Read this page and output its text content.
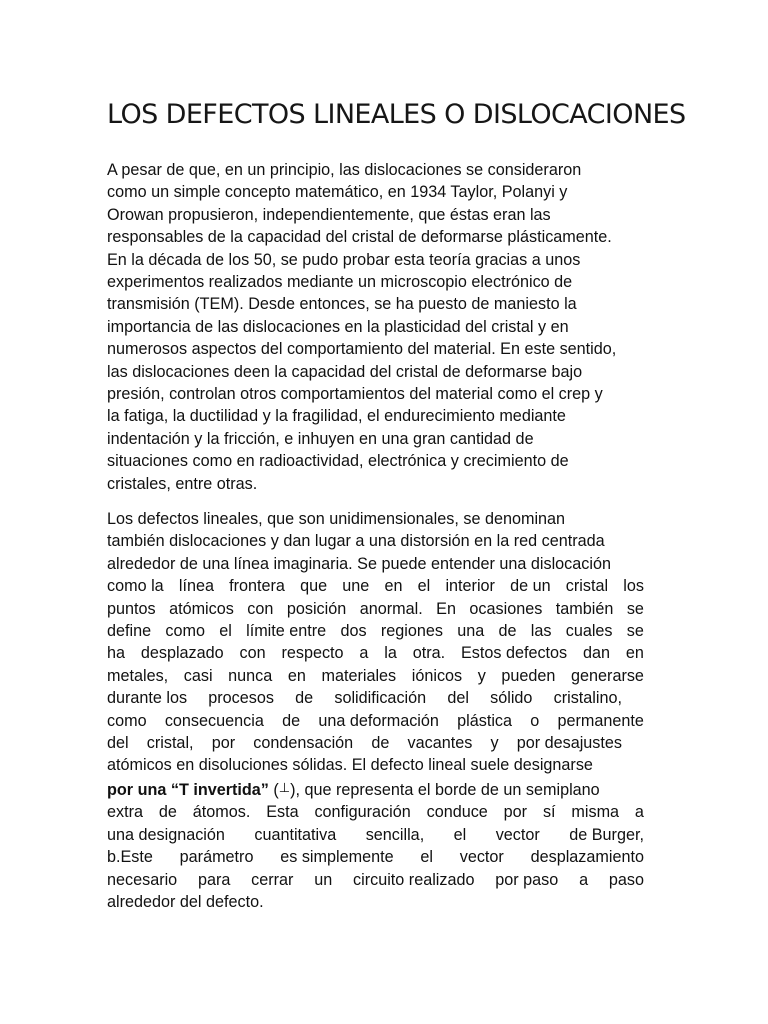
LOS DEFECTOS LINEALES O DISLOCACIONES
A pesar de que, en un principio, las dislocaciones se consideraron
como un simple concepto matemático, en 1934 Taylor, Polanyi y
Orowan propusieron, independientemente, que éstas eran las
responsables de la capacidad del cristal de deformarse plásticamente.
En la década de los 50, se pudo probar esta teoría gracias a unos
experimentos realizados mediante un microscopio electrónico de
transmisión (TEM). Desde entonces, se ha puesto de maniesto la
importancia de las dislocaciones en la plasticidad del cristal y en
numerosos aspectos del comportamiento del material. En este sentido,
las dislocaciones deen la capacidad del cristal de deformarse bajo
presión, controlan otros comportamientos del material como el crep y
la fatiga, la ductilidad y la fragilidad, el endurecimiento mediante
indentación y la fricción, e inhuyen en una gran cantidad de
situaciones como en radioactividad, electrónica y crecimiento de
cristales, entre otras.
Los defectos lineales, que son unidimensionales, se denominan
también dislocaciones y dan lugar a una distorsión en la red centrada
alrededor de una línea imaginaria. Se puede entender una dislocación
como la línea frontera que une en el interior de un cristal los
puntos atómicos con posición anormal. En ocasiones también se
define como el límite entre dos regiones una de las cuales se
ha desplazado con respecto a la otra. Estos defectos dan en
metales, casi nunca en materiales iónicos y pueden generarse
durante los procesos de solidificación del sólido cristalino,
como consecuencia de una deformación plástica o permanente
del cristal, por condensación de vacantes y por desajustes
atómicos en disoluciones sólidas. El defecto lineal suele designarse
por una “T invertida” (⊥), que representa el borde de un semiplano
extra de átomos. Esta configuración conduce por sí misma a
una designación cuantitativa sencilla, el vector de Burger,
b.Este parámetro es simplemente el vector desplazamiento
necesario para cerrar un circuito realizado por paso a paso
alrededor del defecto.
